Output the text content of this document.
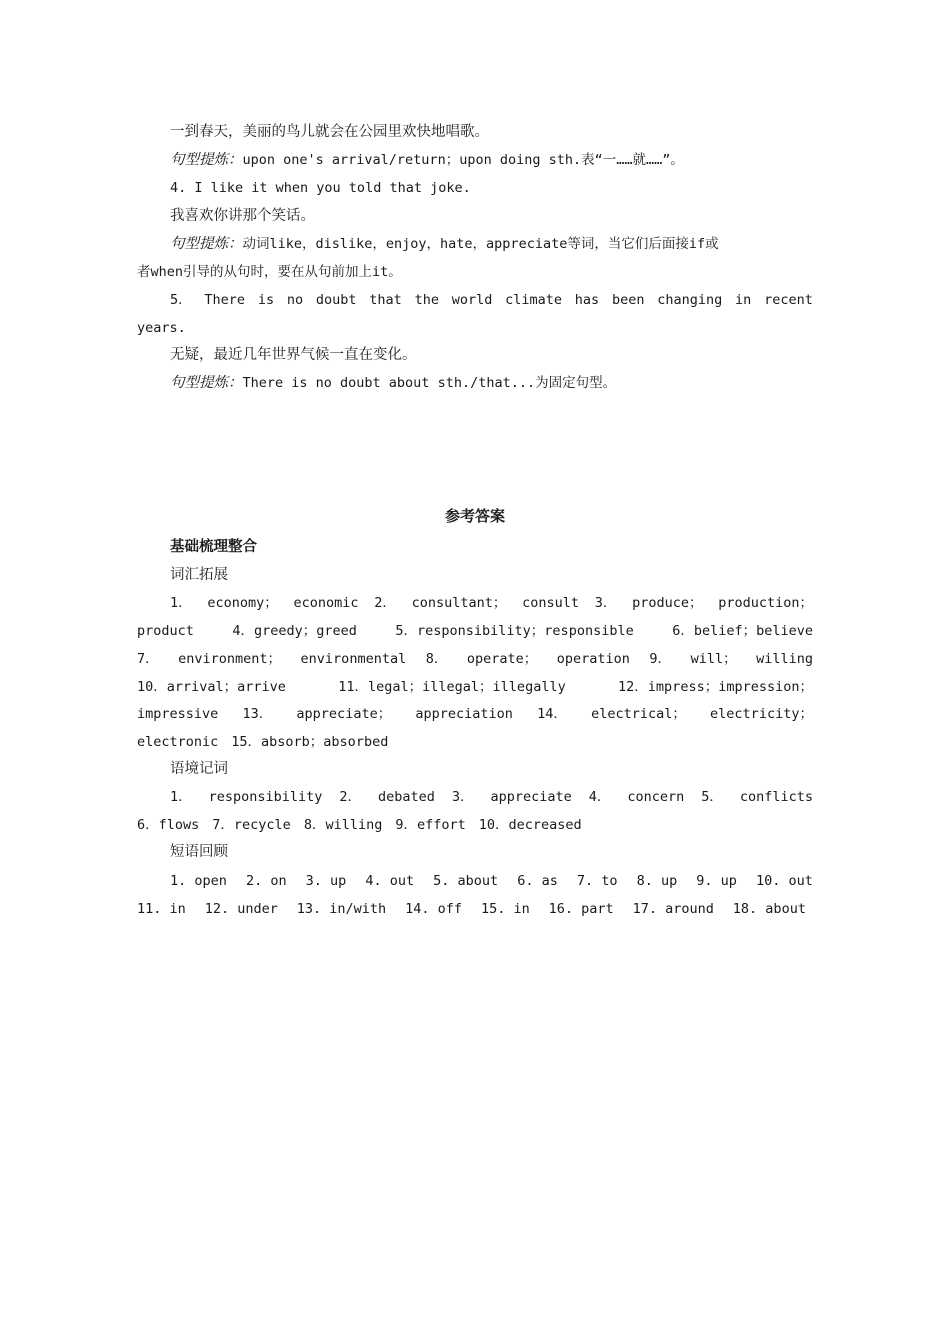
一到春天，美丽的鸟儿就会在公园里欢快地唱歌。
句型提炼：upon one's arrival/return；upon doing sth.表“一……就……”。
4. I like it when you told that joke.
我喜欢你讲那个笑话。
句型提炼：动词like，dislike，enjoy，hate，appreciate等词，当它们后面接if或
者when引导的从句时，要在从句前加上it。
5． There is no doubt that the world climate has been changing in recent
years.
无疑，最近几年世界气候一直在变化。
句型提炼：There is no doubt about sth./that...为固定句型。
参考答案
基础梳理整合
词汇拓展
1． economy； economic 2． consultant； consult 3． produce； production；
product	4．greedy；greed	5．responsibility；responsible	6．belief；believe
7． environment； environmental 8． operate； operation 9． will； willing
10．arrival；arrive	11．legal；illegal；illegally	12．impress；impression；
impressive 13． appreciate； appreciation 14． electrical； electricity；
electronic 15．absorb；absorbed
语境记词
1． responsibility 2． debated 3． appreciate 4． concern 5． conflicts
6．flows 7．recycle 8．willing 9．effort 10．decreased
短语回顾
1. open 2. on 3. up 4. out 5. about 6. as 7. to 8. up 9. up 10. out
11. in 12. under 13. in/with 14. off 15. in 16. part 17. around 18. about
